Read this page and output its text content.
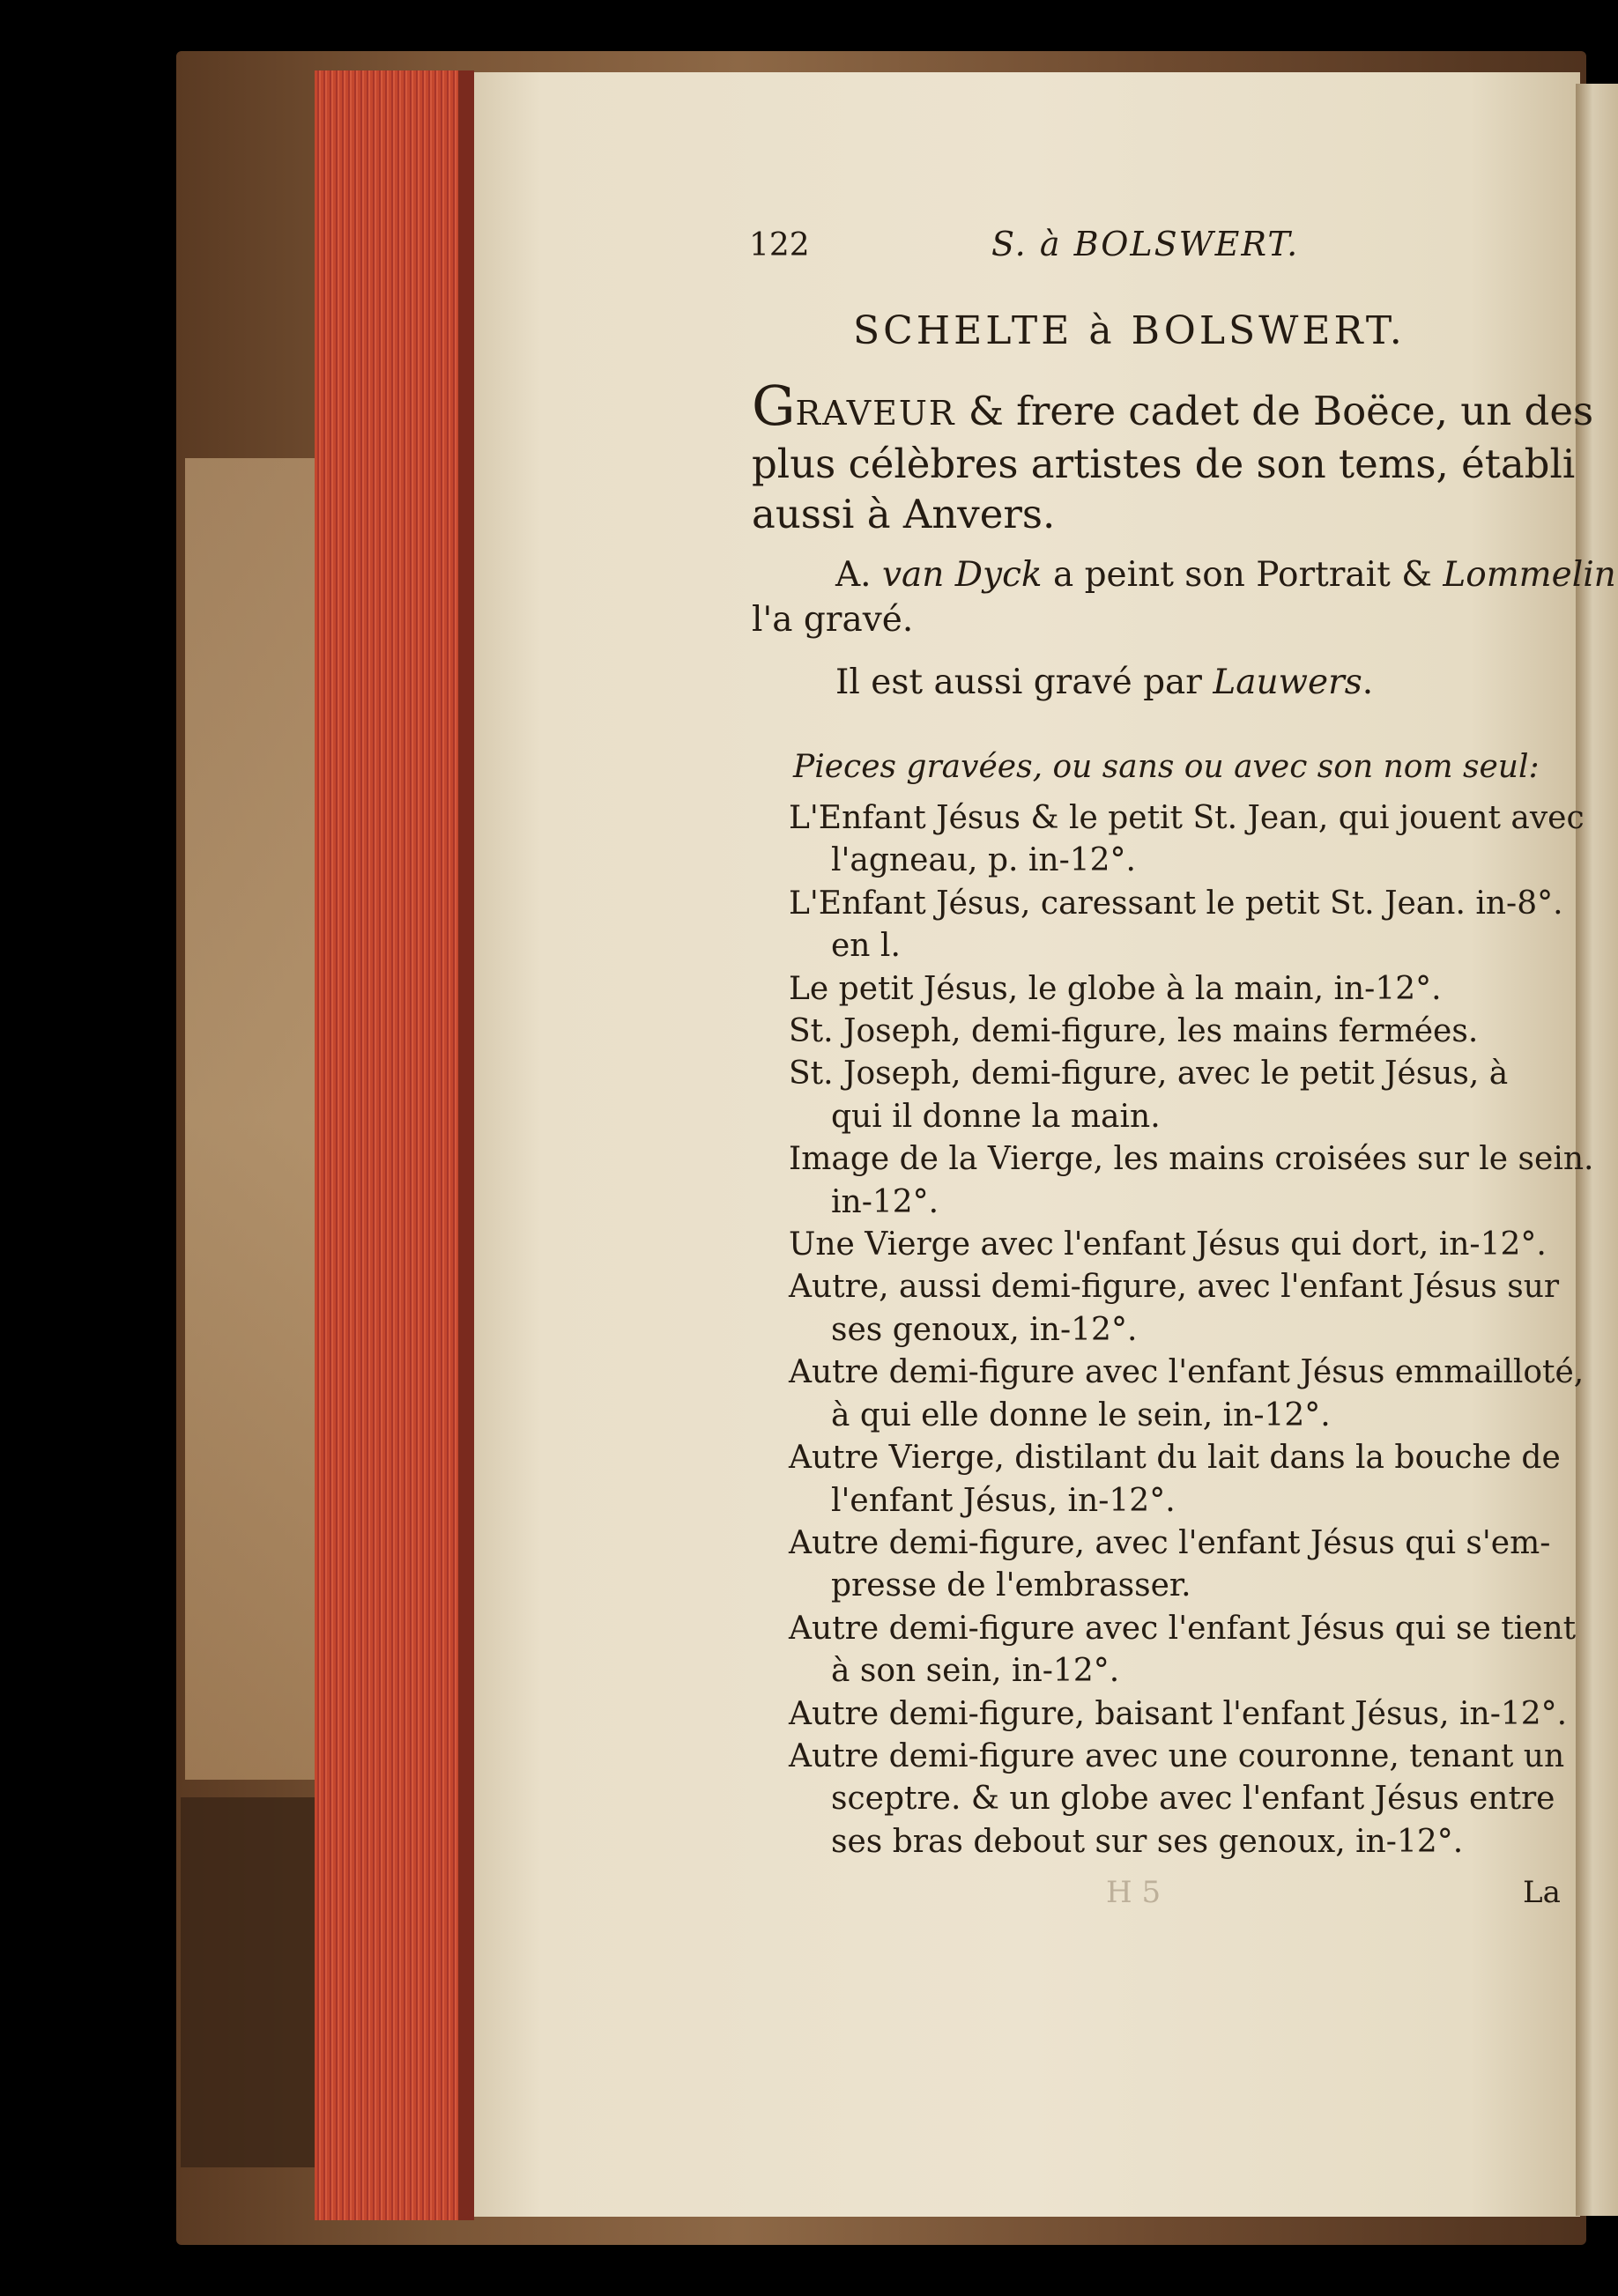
122	S. à BOLSWERT.
SCHELTE à BOLSWERT.
GRAVEUR & frere cadet de Boëce, un des
plus célèbres artistes de son tems, établi
aussi à Anvers.
A. van Dyck a peint son Portrait & Lommelin
l'a gravé.
Il est aussi gravé par Lauwers.
Pieces gravées, ou sans ou avec son nom seul:
L'Enfant Jésus & le petit St. Jean, qui jouent avec
l'agneau, p. in-12°.
L'Enfant Jésus, caressant le petit St. Jean. in-8°.
en l.
Le petit Jésus, le globe à la main, in-12°.
St. Joseph, demi-figure, les mains fermées.
St. Joseph, demi-figure, avec le petit Jésus, à
qui il donne la main.
Image de la Vierge, les mains croisées sur le sein.
in-12°.
Une Vierge avec l'enfant Jésus qui dort, in-12°.
Autre, aussi demi-figure, avec l'enfant Jésus sur
ses genoux, in-12°.
Autre demi-figure avec l'enfant Jésus emmailloté,
à qui elle donne le sein, in-12°.
Autre Vierge, distilant du lait dans la bouche de
l'enfant Jésus, in-12°.
Autre demi-figure, avec l'enfant Jésus qui s'em-
presse de l'embrasser.
Autre demi-figure avec l'enfant Jésus qui se tient
à son sein, in-12°.
Autre demi-figure, baisant l'enfant Jésus, in-12°.
Autre demi-figure avec une couronne, tenant un
sceptre. & un globe avec l'enfant Jésus entre
ses bras debout sur ses genoux, in-12°.
H 5	La
